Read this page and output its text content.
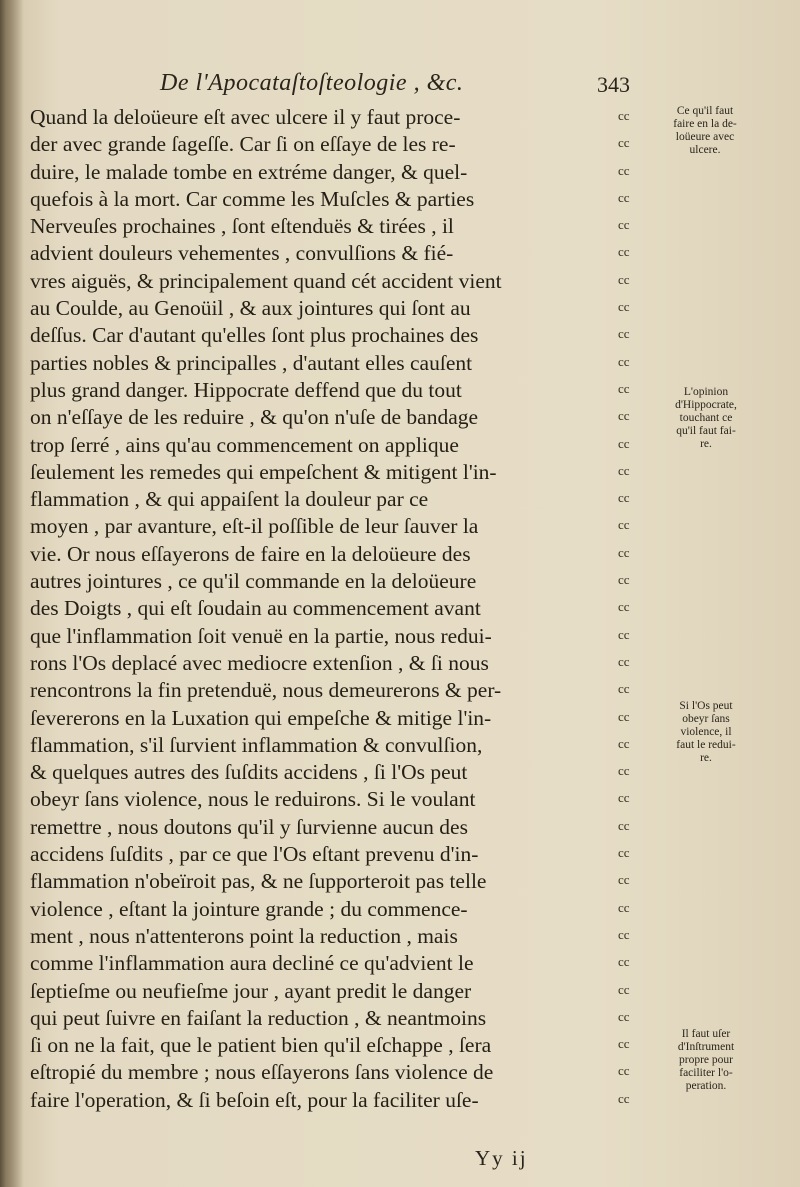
De l'Apocataſtoſteologie , &c.	343
Quand la deloüeure eſt avec ulcere il y faut proce-	cc
der avec grande ſageſſe. Car ſi on eſſaye de les re-	cc
duire, le malade tombe en extréme danger, & quel-	cc
quefois à la mort. Car comme les Muſcles & parties	cc
Nerveuſes prochaines , ſont eſtenduës & tirées , il	cc
advient douleurs vehementes , convulſions & fié-	cc
vres aiguës, & principalement quand cét accident vient	cc
au Coulde, au Genoüil , & aux jointures qui ſont au	cc
deſſus. Car d'autant qu'elles ſont plus prochaines des	cc
parties nobles & principalles , d'autant elles cauſent	cc
plus grand danger. Hippocrate deffend que du tout	cc
on n'eſſaye de les reduire , & qu'on n'uſe de bandage	cc
trop ſerré , ains qu'au commencement on applique	cc
ſeulement les remedes qui empeſchent & mitigent l'in-	cc
flammation , & qui appaiſent la douleur par ce	cc
moyen , par avanture, eſt-il poſſible de leur ſauver la	cc
vie. Or nous eſſayerons de faire en la deloüeure des	cc
autres jointures , ce qu'il commande en la deloüeure	cc
des Doigts , qui eſt ſoudain au commencement avant	cc
que l'inflammation ſoit venuë en la partie, nous redui-	cc
rons l'Os deplacé avec mediocre extenſion , & ſi nous	cc
rencontrons la fin pretenduë, nous demeurerons & per-	cc
ſevererons en la Luxation qui empeſche & mitige l'in-	cc
flammation, s'il ſurvient inflammation & convulſion,	cc
& quelques autres des ſuſdits accidens , ſi l'Os peut	cc
obeyr ſans violence, nous le reduirons. Si le voulant	cc
remettre , nous doutons qu'il y ſurvienne aucun des	cc
accidens ſuſdits , par ce que l'Os eſtant prevenu d'in-	cc
flammation n'obeïroit pas, & ne ſupporteroit pas telle	cc
violence , eſtant la jointure grande ; du commence-	cc
ment , nous n'attenterons point la reduction , mais	cc
comme l'inflammation aura decliné ce qu'advient le	cc
ſeptieſme ou neufieſme jour , ayant predit le danger	cc
qui peut ſuivre en faiſant la reduction , & neantmoins	cc
ſi on ne la fait, que le patient bien qu'il eſchappe , ſera	cc
eſtropié du membre ; nous eſſayerons ſans violence de	cc
faire l'operation, & ſi beſoin eſt, pour la faciliter uſe-	cc
Ce qu'il faut
faire en la de-
loüeure avec
ulcere.
L'opinion
d'Hippocrate,
touchant ce
qu'il faut fai-
re.
Si l'Os peut
obeyr ſans
violence, il
faut le redui-
re.
Il faut uſer
d'Inſtrument
propre pour
faciliter l'o-
peration.
Yy ij
